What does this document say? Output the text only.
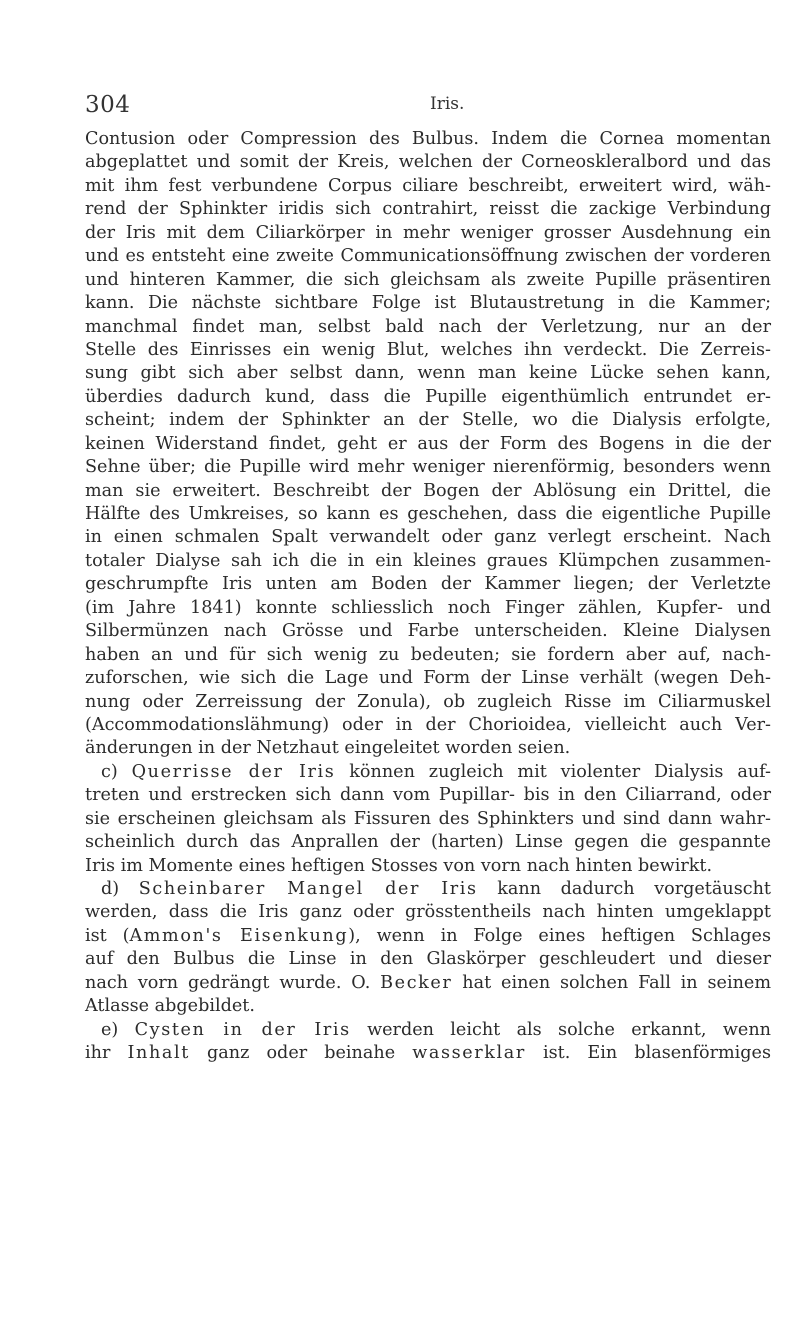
304	Iris.
Contusion oder Compression des Bulbus. Indem die Cornea momentan
abgeplattet und somit der Kreis, welchen der Corneoskleralbord und das
mit ihm fest verbundene Corpus ciliare beschreibt, erweitert wird, wäh-
rend der Sphinkter iridis sich contrahirt, reisst die zackige Verbindung
der Iris mit dem Ciliarkörper in mehr weniger grosser Ausdehnung ein
und es entsteht eine zweite Communicationsöffnung zwischen der vorderen
und hinteren Kammer, die sich gleichsam als zweite Pupille präsentiren
kann. Die nächste sichtbare Folge ist Blutaustretung in die Kammer;
manchmal findet man, selbst bald nach der Verletzung, nur an der
Stelle des Einrisses ein wenig Blut, welches ihn verdeckt. Die Zerreis-
sung gibt sich aber selbst dann, wenn man keine Lücke sehen kann,
überdies dadurch kund, dass die Pupille eigenthümlich entrundet er-
scheint; indem der Sphinkter an der Stelle, wo die Dialysis erfolgte,
keinen Widerstand findet, geht er aus der Form des Bogens in die der
Sehne über; die Pupille wird mehr weniger nierenförmig, besonders wenn
man sie erweitert. Beschreibt der Bogen der Ablösung ein Drittel, die
Hälfte des Umkreises, so kann es geschehen, dass die eigentliche Pupille
in einen schmalen Spalt verwandelt oder ganz verlegt erscheint. Nach
totaler Dialyse sah ich die in ein kleines graues Klümpchen zusammen-
geschrumpfte Iris unten am Boden der Kammer liegen; der Verletzte
(im Jahre 1841) konnte schliesslich noch Finger zählen, Kupfer- und
Silbermünzen nach Grösse und Farbe unterscheiden. Kleine Dialysen
haben an und für sich wenig zu bedeuten; sie fordern aber auf, nach-
zuforschen, wie sich die Lage und Form der Linse verhält (wegen Deh-
nung oder Zerreissung der Zonula), ob zugleich Risse im Ciliarmuskel
(Accommodationslähmung) oder in der Chorioidea, vielleicht auch Ver-
änderungen in der Netzhaut eingeleitet worden seien.
c) Querrisse der Iris können zugleich mit violenter Dialysis auf-
treten und erstrecken sich dann vom Pupillar- bis in den Ciliarrand, oder
sie erscheinen gleichsam als Fissuren des Sphinkters und sind dann wahr-
scheinlich durch das Anprallen der (harten) Linse gegen die gespannte
Iris im Momente eines heftigen Stosses von vorn nach hinten bewirkt.
d) Scheinbarer Mangel der Iris kann dadurch vorgetäuscht
werden, dass die Iris ganz oder grösstentheils nach hinten umgeklappt
ist (Ammon's Eisenkung), wenn in Folge eines heftigen Schlages
auf den Bulbus die Linse in den Glaskörper geschleudert und dieser
nach vorn gedrängt wurde. O. Becker hat einen solchen Fall in seinem
Atlasse abgebildet.
e) Cysten in der Iris werden leicht als solche erkannt, wenn
ihr Inhalt ganz oder beinahe wasserklar ist. Ein blasenförmiges
